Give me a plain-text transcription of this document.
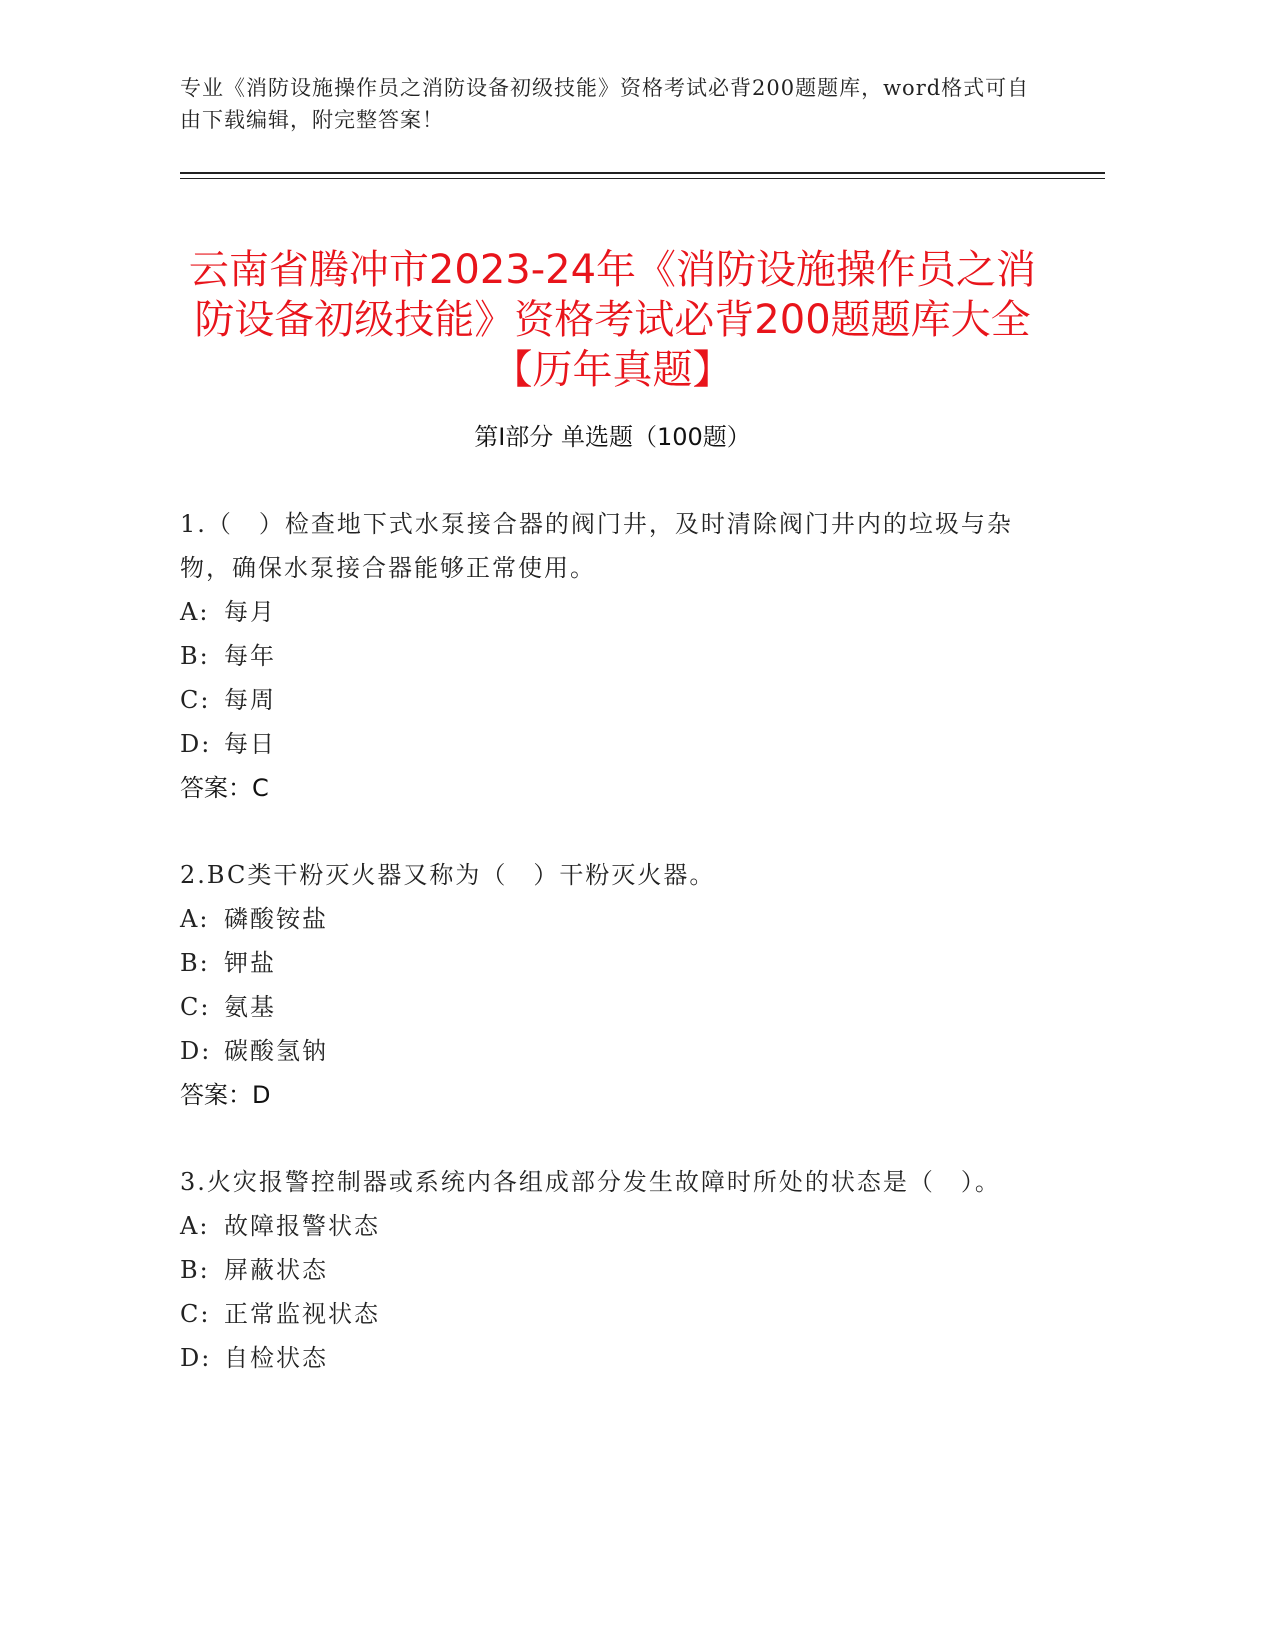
专业《消防设施操作员之消防设备初级技能》资格考试必背200题题库，word格式可自由下载编辑，附完整答案！
云南省腾冲市2023-24年《消防设施操作员之消防设备初级技能》资格考试必背200题题库大全【历年真题】
第Ⅰ部分 单选题（100题）
1.（　）检查地下式水泵接合器的阀门井，及时清除阀门井内的垃圾与杂物，确保水泵接合器能够正常使用。
A: 每月
B: 每年
C: 每周
D: 每日
答案：C
2.BC类干粉灭火器又称为（　）干粉灭火器。
A: 磷酸铵盐
B: 钾盐
C: 氨基
D: 碳酸氢钠
答案：D
3.火灾报警控制器或系统内各组成部分发生故障时所处的状态是（　）。
A: 故障报警状态
B: 屏蔽状态
C: 正常监视状态
D: 自检状态
